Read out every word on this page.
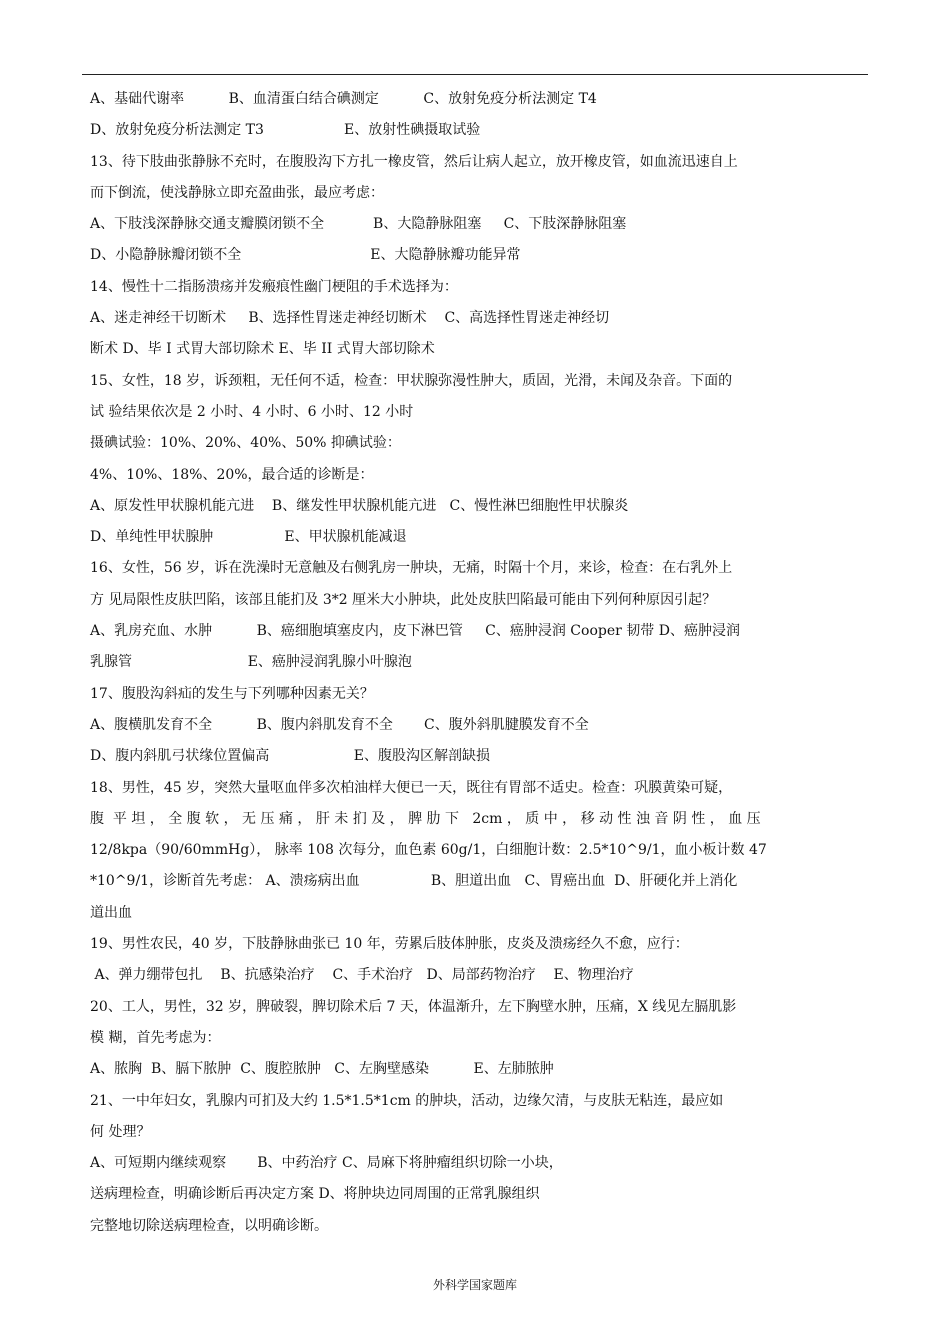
A、基础代谢率          B、血清蛋白结合碘测定          C、放射免疫分析法测定 T4
D、放射免疫分析法测定 T3                  E、放射性碘摄取试验
13、待下肢曲张静脉不充时，在腹股沟下方扎一橡皮管，然后让病人起立，放开橡皮管，如血流迅速自上
而下倒流，使浅静脉立即充盈曲张，最应考虑：
A、下肢浅深静脉交通支瓣膜闭锁不全           B、大隐静脉阻塞     C、下肢深静脉阻塞
D、小隐静脉瓣闭锁不全                             E、大隐静脉瓣功能异常
14、慢性十二指肠溃疡并发瘢痕性幽门梗阻的手术选择为：
A、迷走神经干切断术     B、选择性胃迷走神经切断术    C、高选择性胃迷走神经切
断术 D、毕 I 式胃大部切除术 E、毕 II 式胃大部切除术
15、女性，18 岁，诉颈粗，无任何不适，检查：甲状腺弥漫性肿大，质固，光滑，未闻及杂音。下面的
试 验结果依次是 2 小时、4 小时、6 小时、12 小时
摄碘试验：10%、20%、40%、50% 抑碘试验：
4%、10%、18%、20%，最合适的诊断是：
A、原发性甲状腺机能亢进    B、继发性甲状腺机能亢进   C、慢性淋巴细胞性甲状腺炎
D、单纯性甲状腺肿                E、甲状腺机能减退
16、女性，56 岁，诉在洗澡时无意触及右侧乳房一肿块，无痛，时隔十个月，来诊，检查：在右乳外上
方 见局限性皮肤凹陷，该部且能扪及 3*2 厘米大小肿块，此处皮肤凹陷最可能由下列何种原因引起？
A、乳房充血、水肿          B、癌细胞填塞皮内，皮下淋巴管     C、癌肿浸润 Cooper 韧带 D、癌肿浸润
乳腺管                          E、癌肿浸润乳腺小叶腺泡
17、腹股沟斜疝的发生与下列哪种因素无关？
A、腹横肌发育不全          B、腹内斜肌发育不全       C、腹外斜肌腱膜发育不全
D、腹内斜肌弓状缘位置偏高                   E、腹股沟区解剖缺损
18、男性，45 岁，突然大量呕血伴多次柏油样大便已一天，既往有胃部不适史。检查：巩膜黄染可疑，
腹  平 坦 ， 全 腹 软 ， 无 压 痛 ， 肝 未 扪 及 ， 脾 肋 下   2cm ， 质 中 ， 移 动 性 浊 音 阴 性 ， 血 压
12/8kpa（90/60mmHg）， 脉率 108 次每分，血色素 60g/1，白细胞计数：2.5*10^9/1，血小板计数 47
*10^9/1，诊断首先考虑： A、溃疡病出血                B、胆道出血   C、胃癌出血  D、肝硬化并上消化
道出血
19、男性农民，40 岁，下肢静脉曲张已 10 年，劳累后肢体肿胀，皮炎及溃疡经久不愈，应行：
A、弹力绷带包扎    B、抗感染治疗    C、手术治疗   D、局部药物治疗    E、物理治疗
20、工人，男性，32 岁，脾破裂，脾切除术后 7 天，体温渐升，左下胸壁水肿，压痛，X 线见左膈肌影
模 糊，首先考虑为：
A、脓胸  B、膈下脓肿  C、腹腔脓肿   C、左胸壁感染          E、左肺脓肿
21、一中年妇女，乳腺内可扪及大约 1.5*1.5*1cm 的肿块，活动，边缘欠清，与皮肤无粘连，最应如
何 处理？
A、可短期内继续观察       B、中药治疗 C、局麻下将肿瘤组织切除一小块，
送病理检查，明确诊断后再决定方案 D、将肿块边同周围的正常乳腺组织
完整地切除送病理检查，以明确诊断。
外科学国家题库
